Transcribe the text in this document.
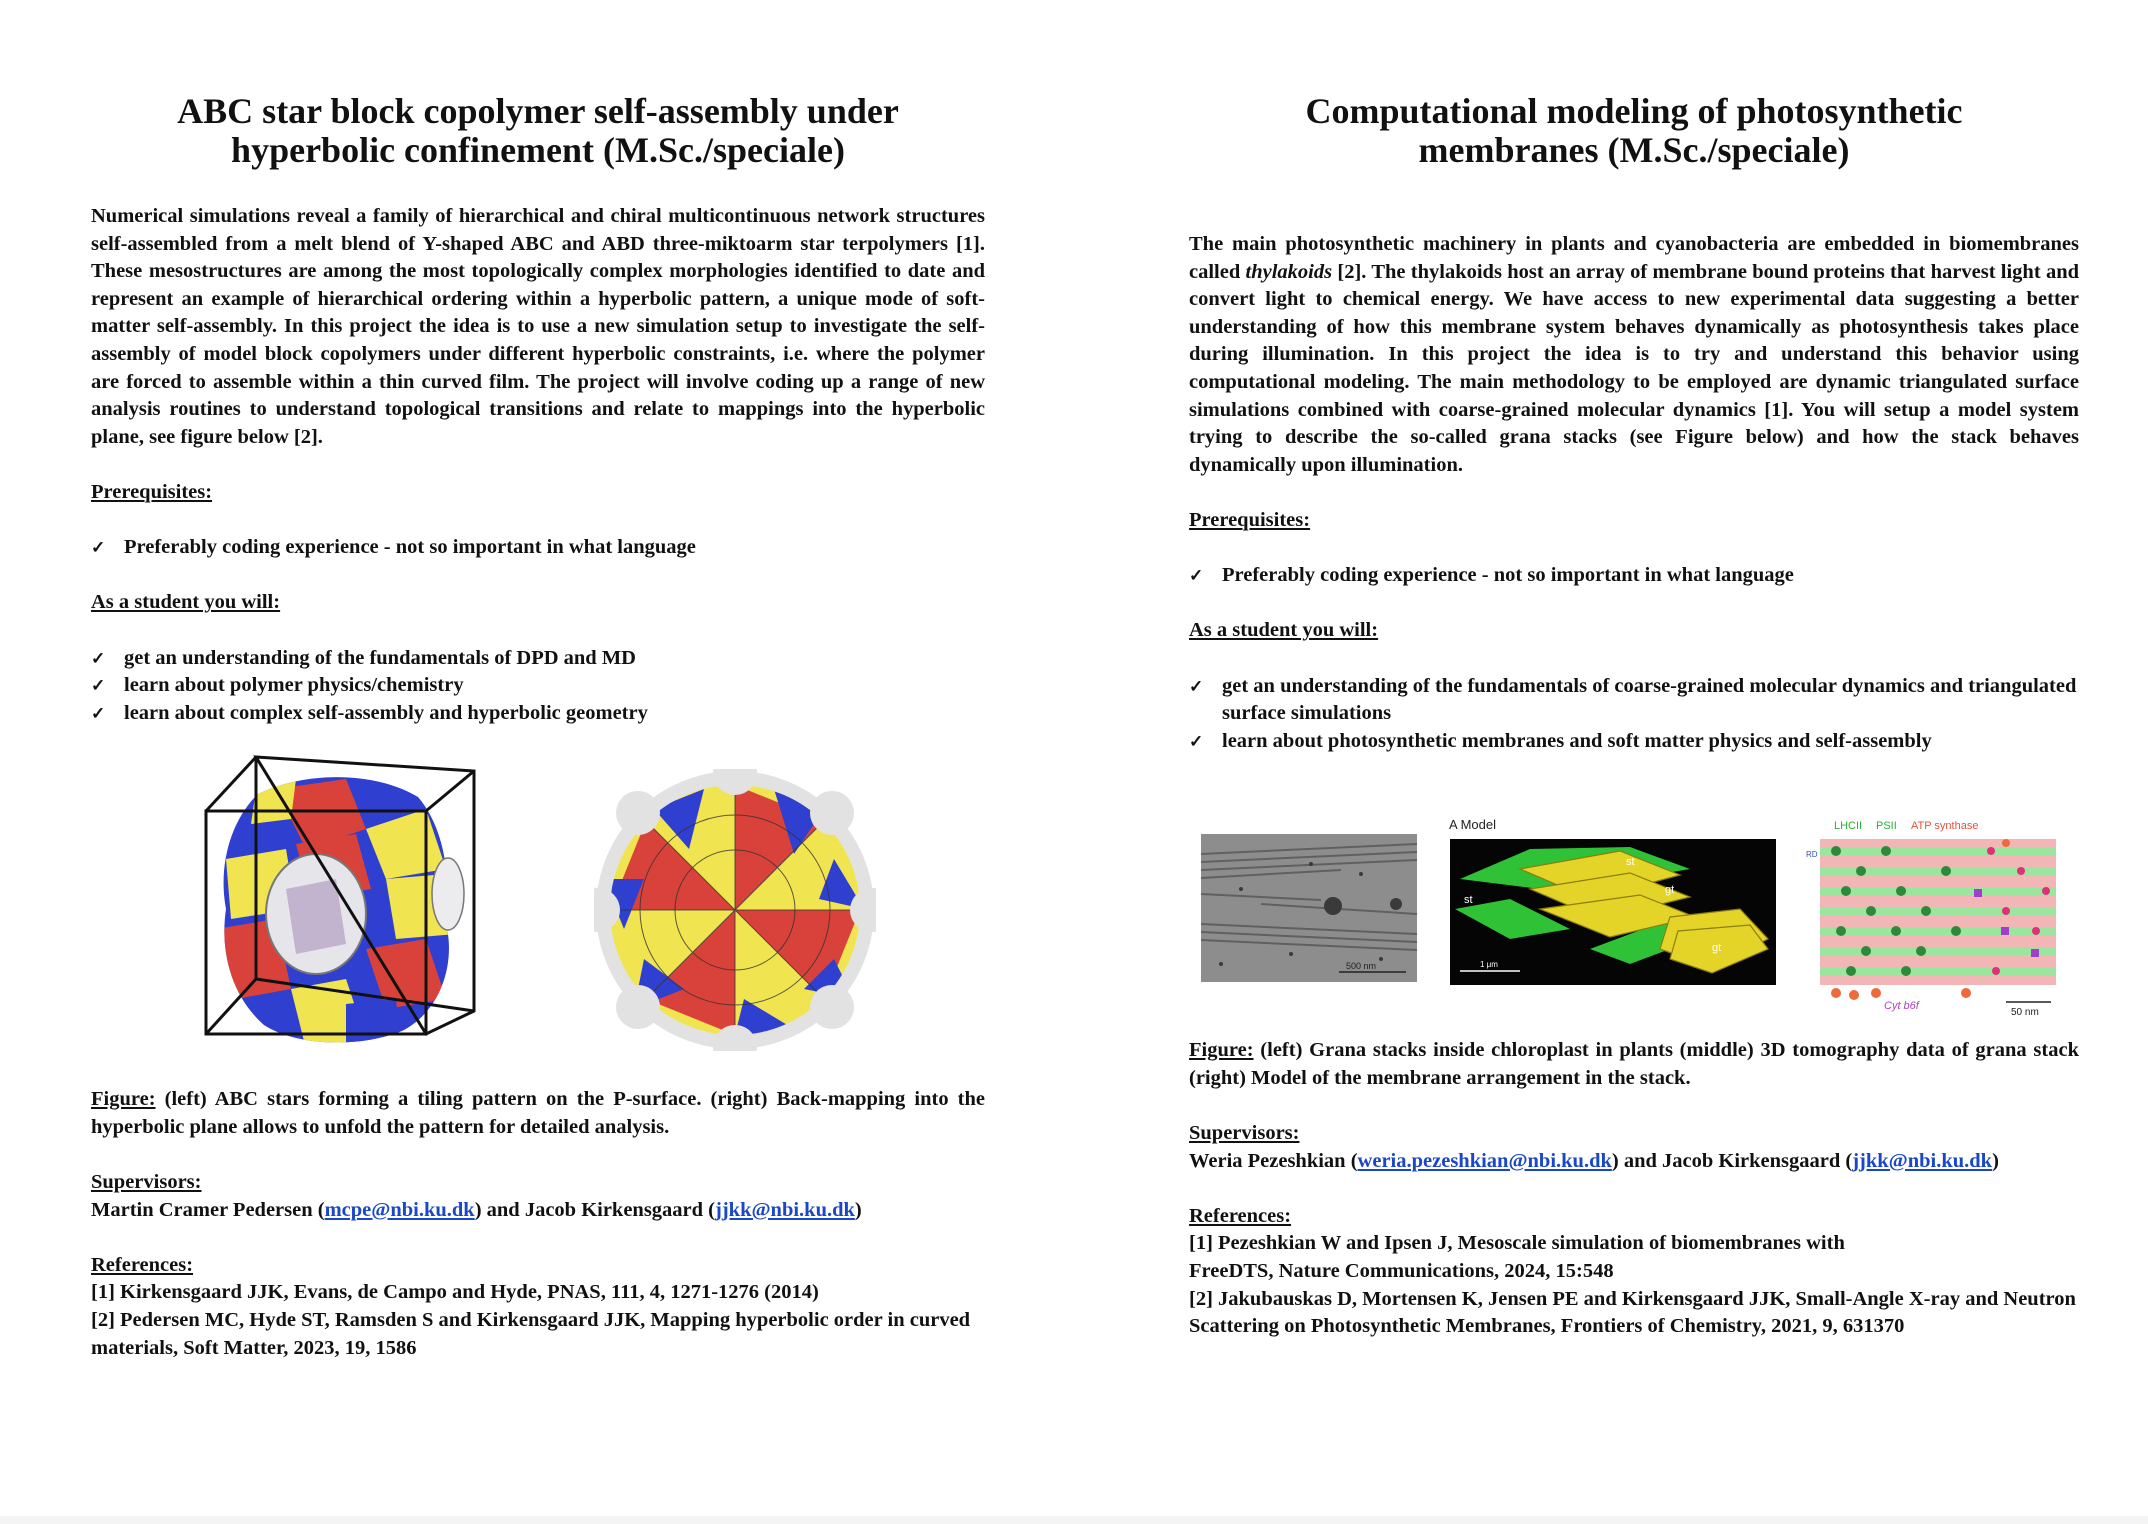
ABC star block copolymer self-assembly under
hyperbolic confinement (M.Sc./speciale)

Numerical simulations reveal a family of hierarchical and chiral multicontinuous network structures self-assembled from a melt blend of Y-shaped ABC and ABD three-miktoarm star terpolymers [1]. These mesostructures are among the most topologically complex morphologies identified to date and represent an example of hierarchical ordering within a hyperbolic pattern, a unique mode of soft-matter self-assembly. In this project the idea is to use a new simulation setup to investigate the self-assembly of model block copolymers under different hyperbolic constraints, i.e. where the polymer are forced to assemble within a thin curved film. The project will involve coding up a range of new analysis routines to understand topological transitions and relate to mappings into the hyperbolic plane, see figure below [2].

Prerequisites:

✓ Preferably coding experience - not so important in what language

As a student you will:

✓ get an understanding of the fundamentals of DPD and MD
✓ learn about polymer physics/chemistry
✓ learn about complex self-assembly and hyperbolic geometry

Figure: (left) ABC stars forming a tiling pattern on the P-surface. (right) Back-mapping into the hyperbolic plane allows to unfold the pattern for detailed analysis.

Supervisors:

Martin Cramer Pedersen (mcpe@nbi.ku.dk) and Jacob Kirkensgaard (jjkk@nbi.ku.dk)

References:

[1] Kirkensgaard JJK, Evans, de Campo and Hyde, PNAS, 111, 4, 1271-1276 (2014)

[2] Pedersen MC, Hyde ST, Ramsden S and Kirkensgaard JJK, Mapping hyperbolic order in curved materials, Soft Matter, 2023, 19, 1586

Computational modeling of photosynthetic
membranes (M.Sc./speciale)

The main photosynthetic machinery in plants and cyanobacteria are embedded in biomembranes called thylakoids [2]. The thylakoids host an array of membrane bound proteins that harvest light and convert light to chemical energy. We have access to new experimental data suggesting a better understanding of how this membrane system behaves dynamically as photosynthesis takes place during illumination. In this project the idea is to try and understand this behavior using computational modeling. The main methodology to be employed are dynamic triangulated surface simulations combined with coarse-grained molecular dynamics [1]. You will setup a model system trying to describe the so-called grana stacks (see Figure below) and how the stack behaves dynamically upon illumination.

Prerequisites:

✓ Preferably coding experience - not so important in what language

As a student you will:

✓ get an understanding of the fundamentals of coarse-grained molecular dynamics and triangulated surface simulations
✓ learn about photosynthetic membranes and soft matter physics and self-assembly
500 nm
A Model
st
st
gt
gt
1 μm
LHCII PSII ATP synthase
RD
Cyt b6f
50 nm

Figure: (left) Grana stacks inside chloroplast in plants (middle) 3D tomography data of grana stack (right) Model of the membrane arrangement in the stack.

Supervisors:

Weria Pezeshkian (weria.pezeshkian@nbi.ku.dk) and Jacob Kirkensgaard (jjkk@nbi.ku.dk)

References:

[1] Pezeshkian W and Ipsen J, Mesoscale simulation of biomembranes with

FreeDTS, Nature Communications, 2024, 15:548

[2] Jakubauskas D, Mortensen K, Jensen PE and Kirkensgaard JJK, Small-Angle X-ray and Neutron Scattering on Photosynthetic Membranes, Frontiers of Chemistry, 2021, 9, 631370
